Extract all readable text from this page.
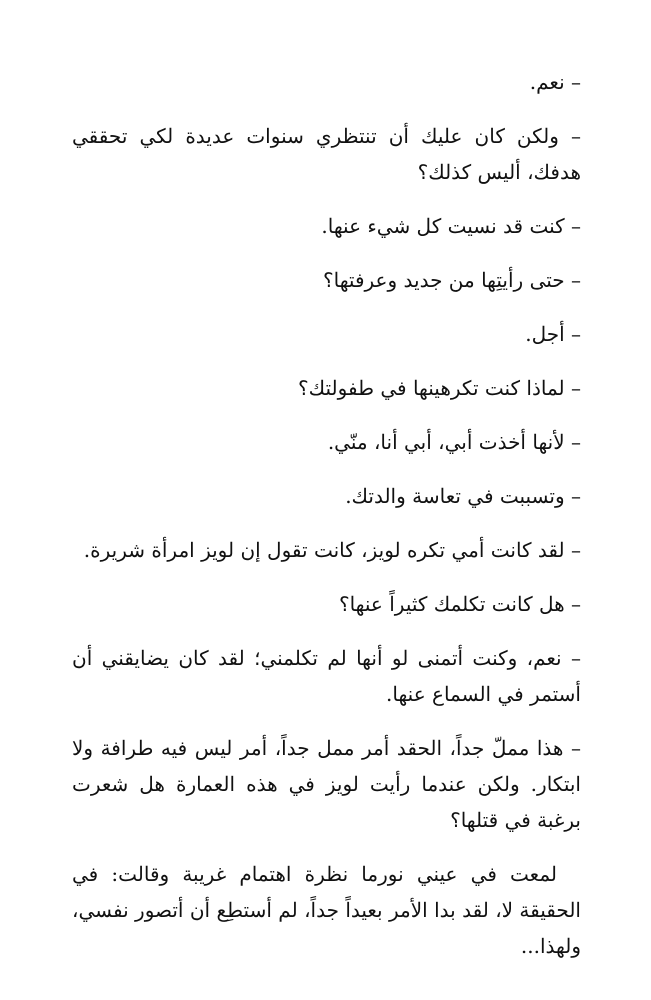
– نعم.

– ولكن كان عليك أن تنتظري سنوات عديدة لكي تحققي هدفك، أليس كذلك؟

– كنت قد نسيت كل شيء عنها.

– حتى رأيتِها من جديد وعرفتها؟

– أجل.

– لماذا كنت تكرهينها في طفولتك؟

– لأنها أخذت أبي، أبي أنا، منّي.

– وتسببت في تعاسة والدتك.

– لقد كانت أمي تكره لويز، كانت تقول إن لويز امرأة شريرة.

– هل كانت تكلمك كثيراً عنها؟

– نعم، وكنت أتمنى لو أنها لم تكلمني؛ لقد كان يضايقني أن أستمر في السماع عنها.

– هذا مملّ جداً، الحقد أمر ممل جداً، أمر ليس فيه طرافة ولا ابتكار. ولكن عندما رأيت لويز في هذه العمارة هل شعرت برغبة في قتلها؟

لمعت في عيني نورما نظرة اهتمام غريبة وقالت: في الحقيقة لا، لقد بدا الأمر بعيداً جداً، لم أستطِع أن أتصور نفسي، ولهذا...
